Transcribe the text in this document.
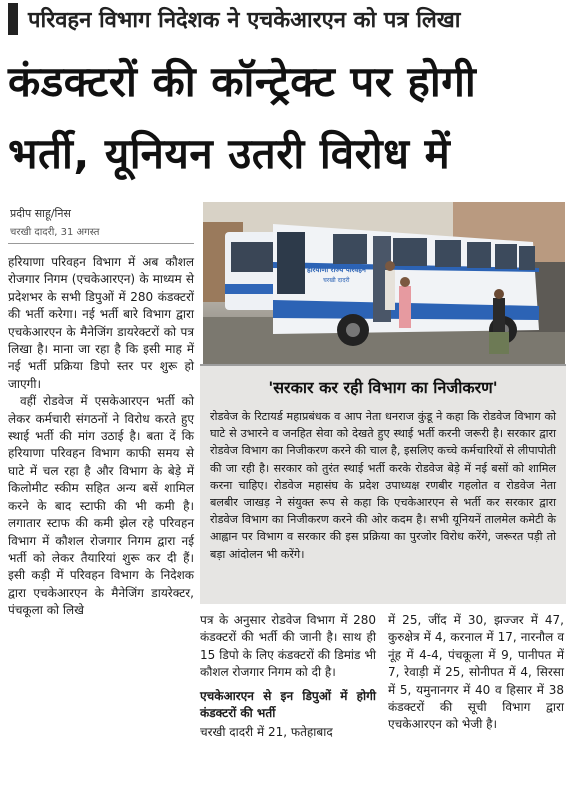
परिवहन विभाग निदेशक ने एचकेआरएन को पत्र लिखा
कंडक्टरों की कॉन्ट्रेक्ट पर होगी
भर्ती, यूनियन उतरी विरोध में
प्रदीप साहू/निस
चरखी दादरी, 31 अगस्त

हरियाणा परिवहन विभाग में अब कौशल रोजगार निगम (एचकेआरएन) के माध्यम से प्रदेशभर के सभी डिपुओं में 280 कंडक्टरों की भर्ती करेगा। नई भर्ती बारे विभाग द्वारा एचकेआरएन के मैनेजिंग डायरेक्टरों को पत्र लिखा है। माना जा रहा है कि इसी माह में नई भर्ती प्रक्रिया डिपो स्तर पर शुरू हो जाएगी।

वहीं रोडवेज में एसकेआरएन भर्ती को लेकर कर्मचारी संगठनों ने विरोध करते हुए स्थाई भर्ती की मांग उठाई है। बता दें कि हरियाणा परिवहन विभाग काफी समय से घाटे में चल रहा है और विभाग के बेड़े में किलोमीट स्कीम सहित अन्य बसें शामिल करने के बाद स्टाफी की भी कमी है। लगातार स्टाफ की कमी झेल रहे परिवहन विभाग में कौशल रोजगार निगम द्वारा नई भर्ती को लेकर तैयारियां शुरू कर दी हैं। इसी कड़ी में परिवहन विभाग के निदेशक द्वारा एचकेआरएन के मैनेजिंग डायरेक्टर, पंचकूला को लिखे

हरियाणा राज्य परिवहन
चरखी दादरी
'सरकार कर रही विभाग का निजीकरण'
रोडवेज के रिटायर्ड महाप्रबंधक व आप नेता धनराज कुंडू ने कहा कि रोडवेज विभाग को घाटे से उभारने व जनहित सेवा को देखते हुए स्थाई भर्ती करनी जरूरी है। सरकार द्वारा रोडवेज विभाग का निजीकरण करने की चाल है, इसलिए कच्चे कर्मचारियों से लीपापोती की जा रही है। सरकार को तुरंत स्थाई भर्ती करके रोडवेज बेड़े में नई बसों को शामिल करना चाहिए। रोडवेज महासंघ के प्रदेश उपाध्यक्ष रणबीर गहलोत व रोडवेज नेता बलबीर जाखड़ ने संयुक्त रूप से कहा कि एचकेआरएन से भर्ती कर सरकार द्वारा रोडवेज विभाग का निजीकरण करने की ओर कदम है। सभी यूनियनें तालमेल कमेटी के आह्वान पर विभाग व सरकार की इस प्रक्रिया का पुरजोर विरोध करेंगे, जरूरत पड़ी तो बड़ा आंदोलन भी करेंगे।

पत्र के अनुसार रोडवेज विभाग में 280 कंडक्टरों की भर्ती की जानी है। साथ ही 15 डिपो के लिए कंडक्टरों की डिमांड भी कौशल रोजगार निगम को दी है।

एचकेआरएन से इन डिपुओं में होगी कंडक्टरों की भर्ती

चरखी दादरी में 21, फतेहाबाद

में 25, जींद में 30, झज्जर में 47, कुरुक्षेत्र में 4, करनाल में 17, नारनौल व नूंह में 4-4, पंचकूला में 9, पानीपत में 7, रेवाड़ी में 25, सोनीपत में 4, सिरसा में 5, यमुनानगर में 40 व हिसार में 38 कंडक्टरों की सूची विभाग द्वारा एचकेआरएन को भेजी है।
